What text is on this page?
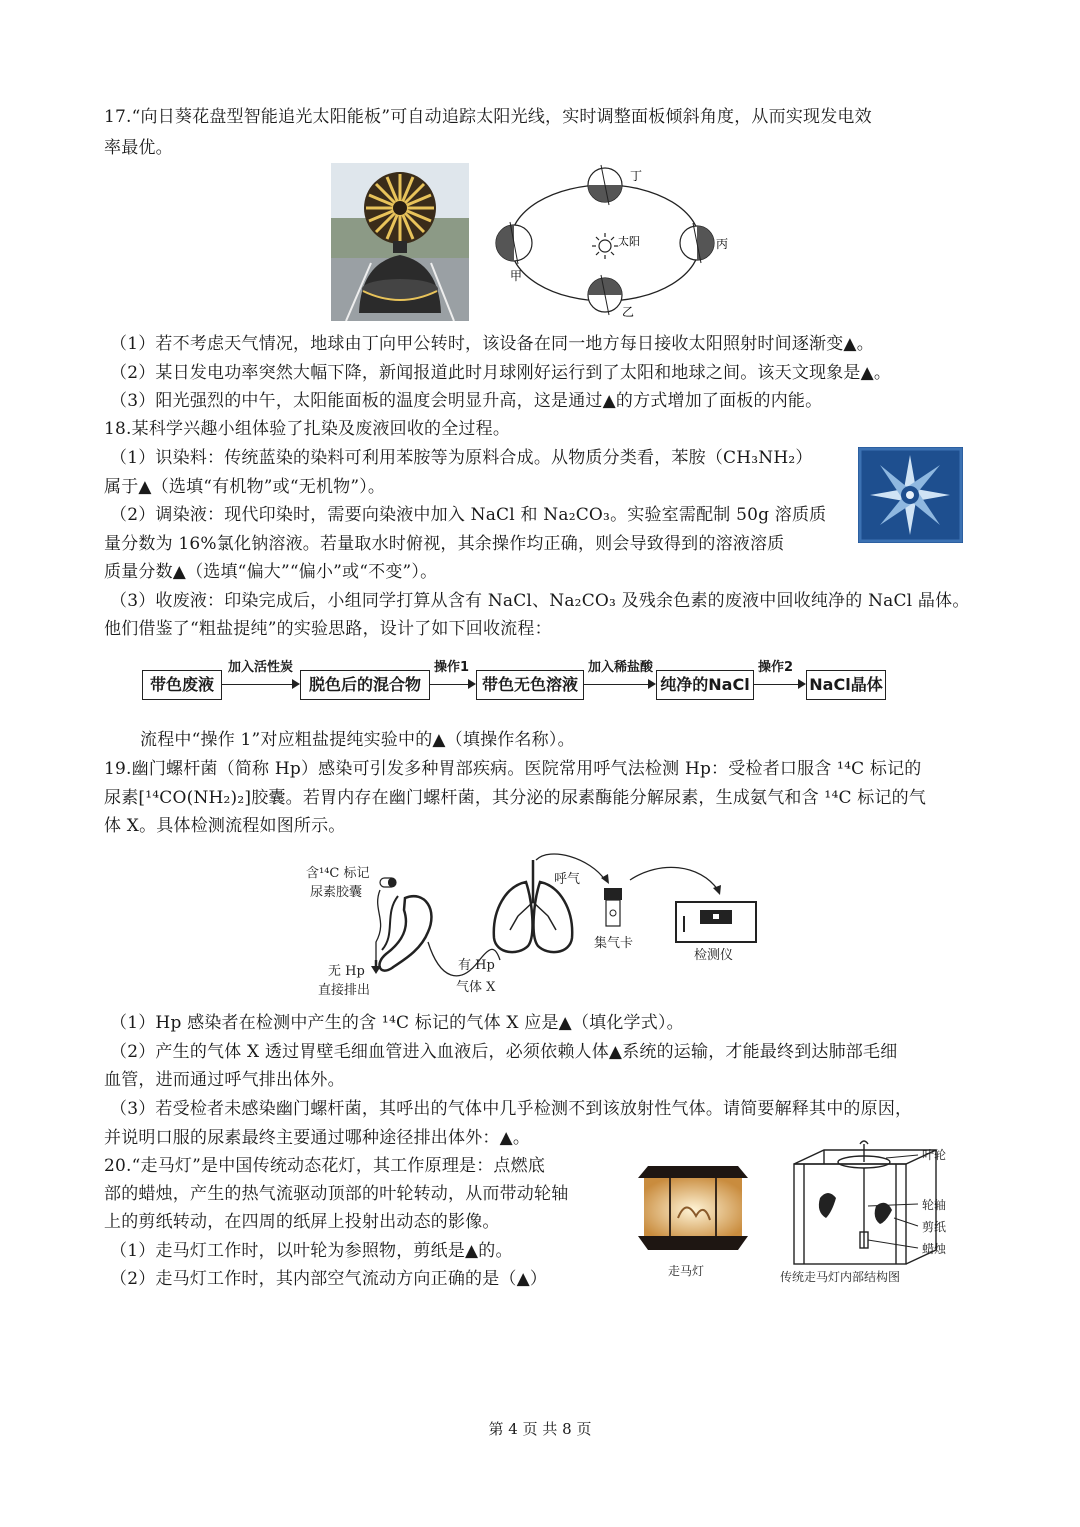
17.“向日葵花盘型智能追光太阳能板”可自动追踪太阳光线，实时调整面板倾斜角度，从而实现发电效
率最优。
丁
太阳	丙
甲
乙
（1）若不考虑天气情况，地球由丁向甲公转时，该设备在同一地方每日接收太阳照射时间逐渐变▲。
（2）某日发电功率突然大幅下降，新闻报道此时月球刚好运行到了太阳和地球之间。该天文现象是▲。
（3）阳光强烈的中午，太阳能面板的温度会明显升高，这是通过▲的方式增加了面板的内能。
18.某科学兴趣小组体验了扎染及废液回收的全过程。
（1）识染料：传统蓝染的染料可利用苯胺等为原料合成。从物质分类看，苯胺（CH₃NH₂）
属于▲（选填“有机物”或“无机物”）。
（2）调染液：现代印染时，需要向染液中加入 NaCl 和 Na₂CO₃。实验室需配制 50g 溶质质
量分数为 16%氯化钠溶液。若量取水时俯视，其余操作均正确，则会导致得到的溶液溶质
质量分数▲（选填“偏大”“偏小”或“不变”）。
（3）收废液：印染完成后，小组同学打算从含有 NaCl、Na₂CO₃ 及残余色素的废液中回收纯净的 NaCl 晶体。
他们借鉴了“粗盐提纯”的实验思路，设计了如下回收流程：
带色废液
加入活性炭
脱色后的混合物
操作1
带色无色溶液
加入稀盐酸
纯净的NaCl
操作2
NaCl晶体
流程中“操作 1”对应粗盐提纯实验中的▲（填操作名称）。
19.幽门螺杆菌（简称 Hp）感染可引发多种胃部疾病。医院常用呼气法检测 Hp：受检者口服含 ¹⁴C 标记的
尿素[¹⁴CO(NH₂)₂]胶囊。若胃内存在幽门螺杆菌，其分泌的尿素酶能分解尿素，生成氨气和含 ¹⁴C 标记的气
体 X。具体检测流程如图所示。
含¹⁴C 标记
尿素胶囊
无 Hp
直接排出
有 Hp
气体 X
呼气
集气卡
检测仪
（1）Hp 感染者在检测中产生的含 ¹⁴C 标记的气体 X 应是▲（填化学式）。
（2）产生的气体 X 透过胃壁毛细血管进入血液后，必须依赖人体▲系统的运输，才能最终到达肺部毛细
血管，进而通过呼气排出体外。
（3）若受检者未感染幽门螺杆菌，其呼出的气体中几乎检测不到该放射性气体。请简要解释其中的原因，
并说明口服的尿素最终主要通过哪种途径排出体外：▲。
20.“走马灯”是中国传统动态花灯，其工作原理是：点燃底
部的蜡烛，产生的热气流驱动顶部的叶轮转动，从而带动轮轴
上的剪纸转动，在四周的纸屏上投射出动态的影像。
（1）走马灯工作时，以叶轮为参照物，剪纸是▲的。
（2）走马灯工作时，其内部空气流动方向正确的是（▲）	走马灯
叶轮
轮轴
剪纸
蜡烛
传统走马灯内部结构图
第 4 页 共 8 页
